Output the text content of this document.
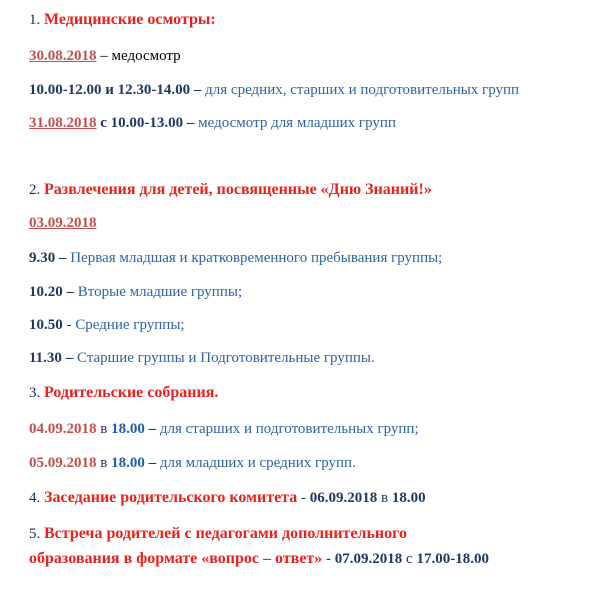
1. Медицинские осмотры:
30.08.2018 – медосмотр
10.00-12.00 и 12.30-14.00 – для средних, старших и подготовительных групп
31.08.2018 с 10.00-13.00 – медосмотр для младших групп
2. Развлечения для детей, посвященные «Дню Знаний!»
03.09.2018
9.30 – Первая младшая и кратковременного пребывания группы;
10.20 – Вторые младшие группы;
10.50 - Средние группы;
11.30 – Старшие группы и Подготовительные группы.
3. Родительские собрания.
04.09.2018 в 18.00 – для старших и подготовительных групп;
05.09.2018 в 18.00 – для младших и средних групп.
4. Заседание родительского комитета - 06.09.2018 в 18.00
5. Встреча родителей с педагогами дополнительного
образования в формате «вопрос – ответ» - 07.09.2018 с 17.00-18.00
